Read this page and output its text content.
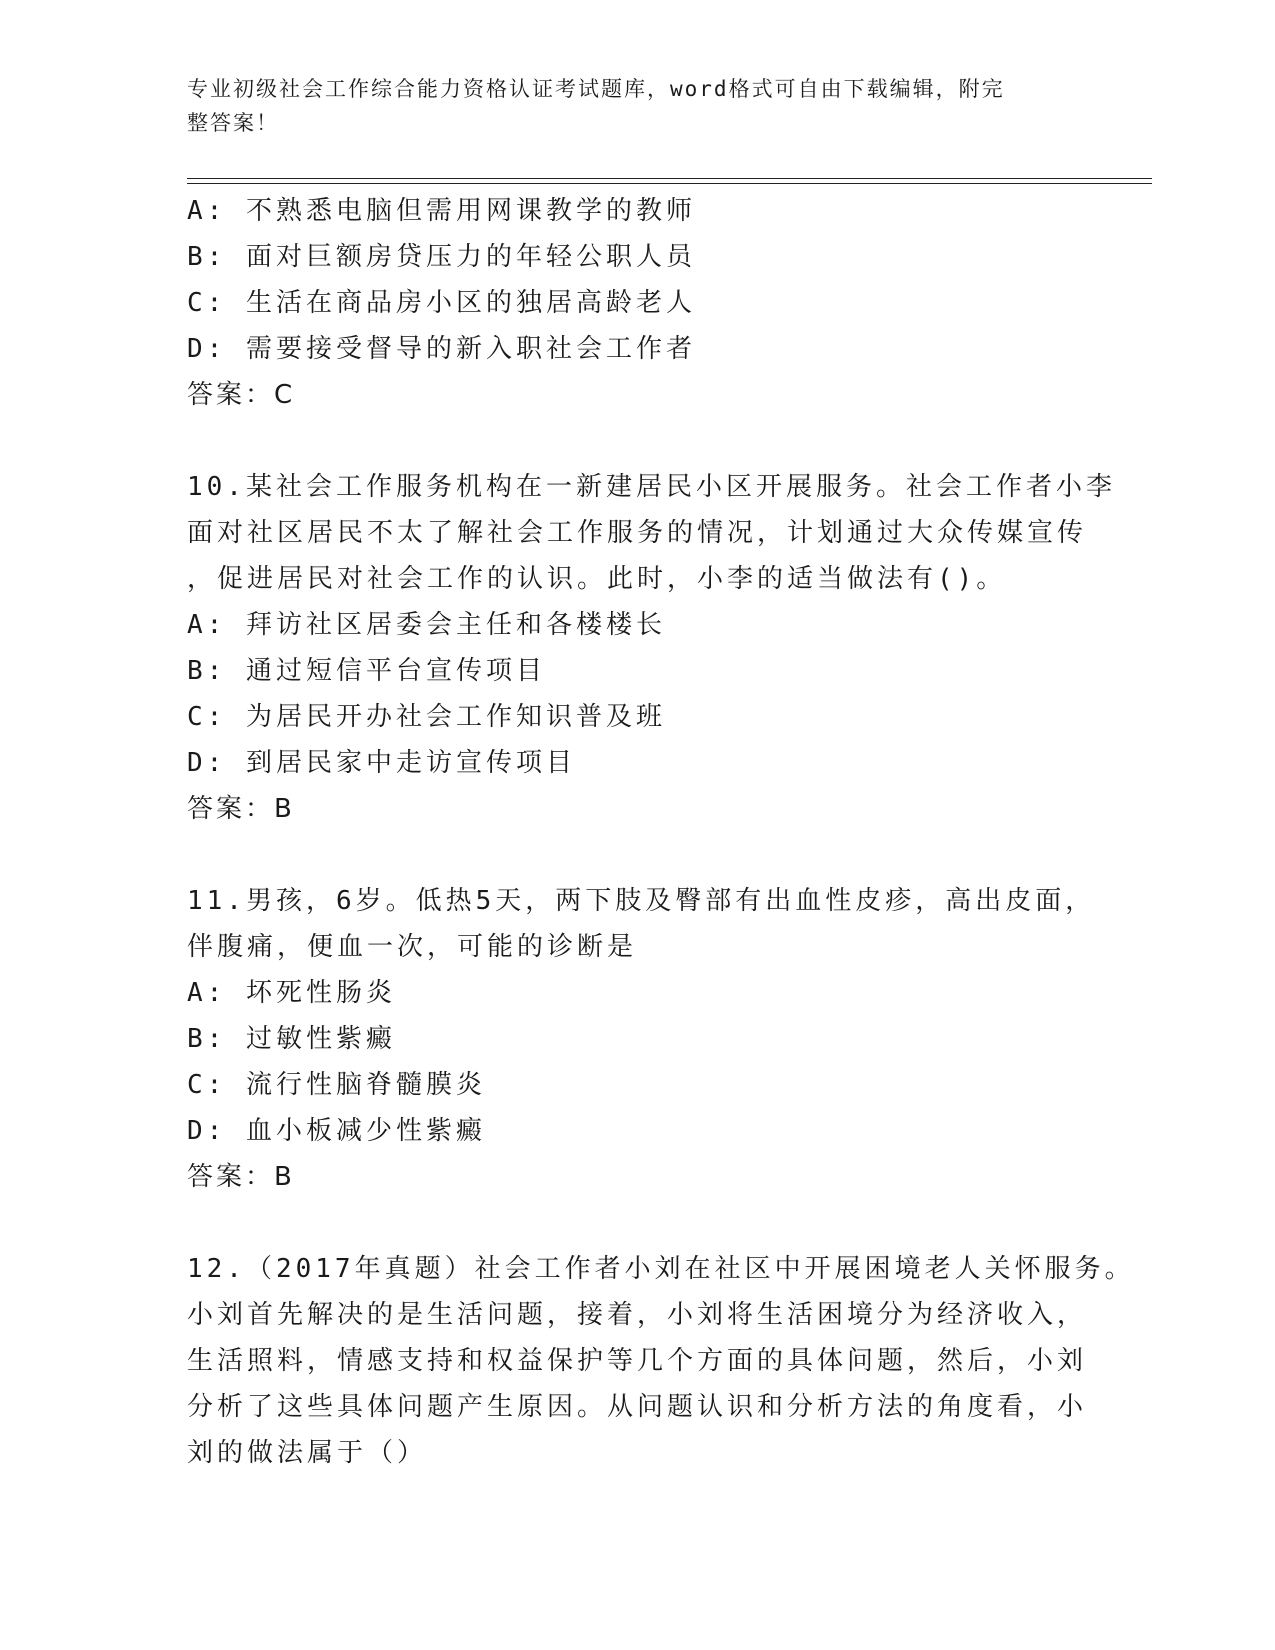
专业初级社会工作综合能力资格认证考试题库，word格式可自由下载编辑，附完
整答案！
A: 不熟悉电脑但需用网课教学的教师
B: 面对巨额房贷压力的年轻公职人员
C: 生活在商品房小区的独居高龄老人
D: 需要接受督导的新入职社会工作者
答案：C
10.某社会工作服务机构在一新建居民小区开展服务。社会工作者小李
面对社区居民不太了解社会工作服务的情况，计划通过大众传媒宣传
，促进居民对社会工作的认识。此时，小李的适当做法有()。
A: 拜访社区居委会主任和各楼楼长
B: 通过短信平台宣传项目
C: 为居民开办社会工作知识普及班
D: 到居民家中走访宣传项目
答案：B
11.男孩，6岁。低热5天，两下肢及臀部有出血性皮疹，高出皮面，
伴腹痛，便血一次，可能的诊断是
A: 坏死性肠炎
B: 过敏性紫癜
C: 流行性脑脊髓膜炎
D: 血小板减少性紫癜
答案：B
12.（2017年真题）社会工作者小刘在社区中开展困境老人关怀服务。
小刘首先解决的是生活问题，接着，小刘将生活困境分为经济收入，
生活照料，情感支持和权益保护等几个方面的具体问题，然后，小刘
分析了这些具体问题产生原因。从问题认识和分析方法的角度看，小
刘的做法属于（）
